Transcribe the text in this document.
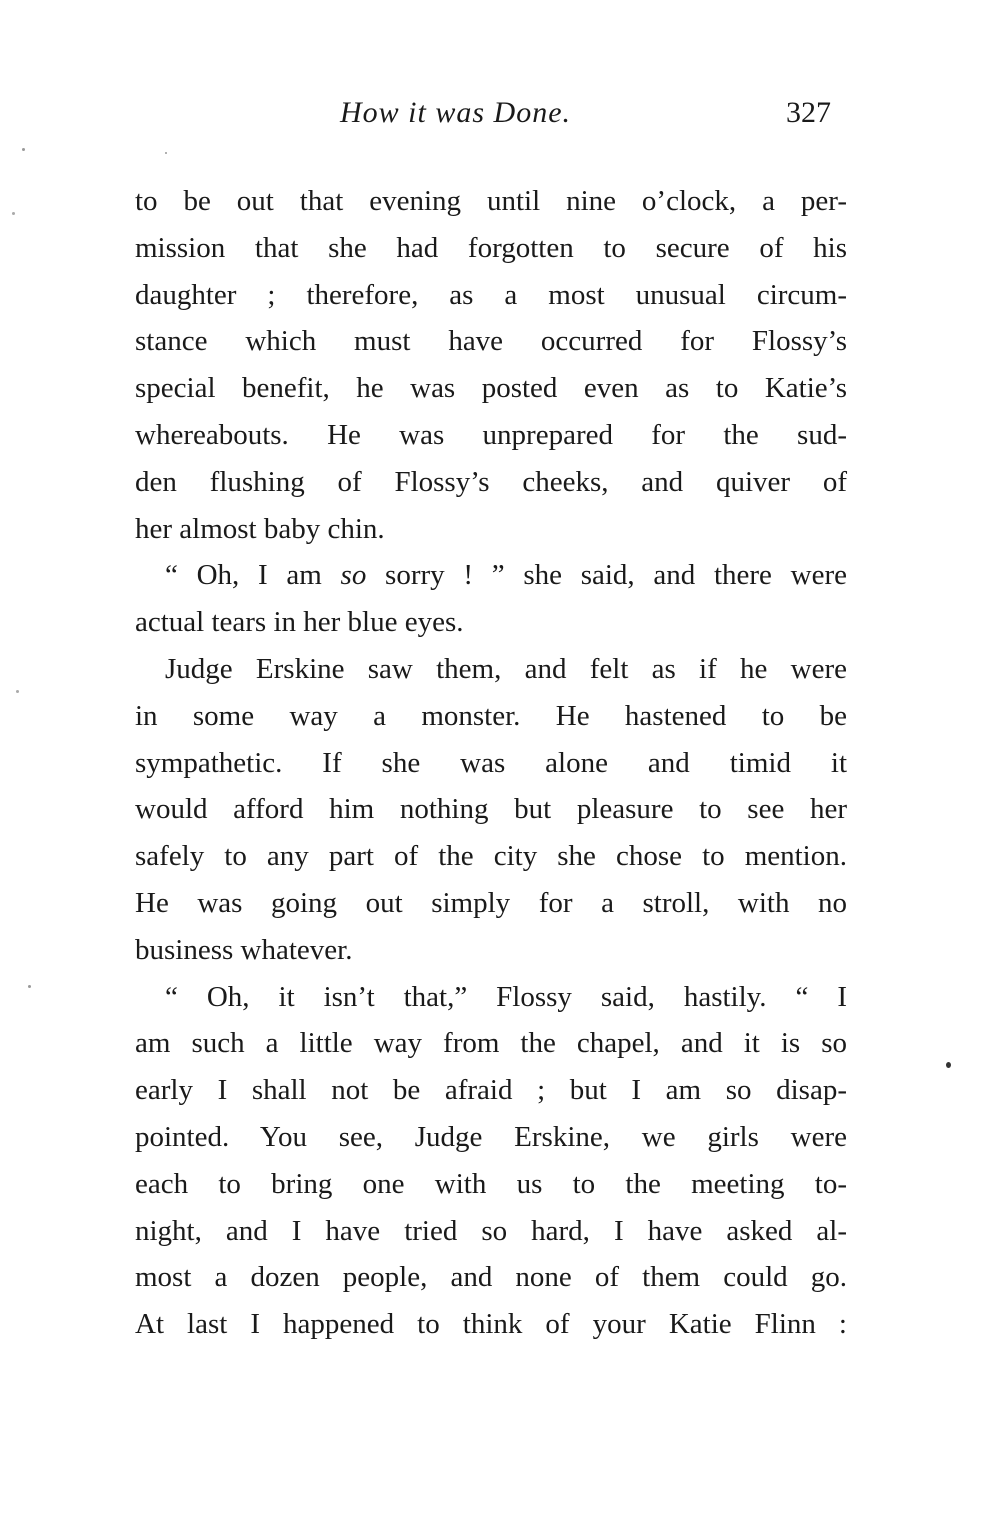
How it was Done.	327
to be out that evening until nine o’clock, a per-
mission that she had forgotten to secure of his
daughter ; therefore, as a most unusual circum-
stance which must have occurred for Flossy’s
special benefit, he was posted even as to Katie’s
whereabouts. He was unprepared for the sud-
den flushing of Flossy’s cheeks, and quiver of
her almost baby chin.
“ Oh, I am so sorry ! ” she said, and there were
actual tears in her blue eyes.
Judge Erskine saw them, and felt as if he were
in some way a monster. He hastened to be
sympathetic. If she was alone and timid it
would afford him nothing but pleasure to see her
safely to any part of the city she chose to mention.
He was going out simply for a stroll, with no
business whatever.
“ Oh, it isn’t that,” Flossy said, hastily. “ I
am such a little way from the chapel, and it is so
early I shall not be afraid ; but I am so disap-
pointed. You see, Judge Erskine, we girls were
each to bring one with us to the meeting to-
night, and I have tried so hard, I have asked al-
most a dozen people, and none of them could go.
At last I happened to think of your Katie Flinn :
